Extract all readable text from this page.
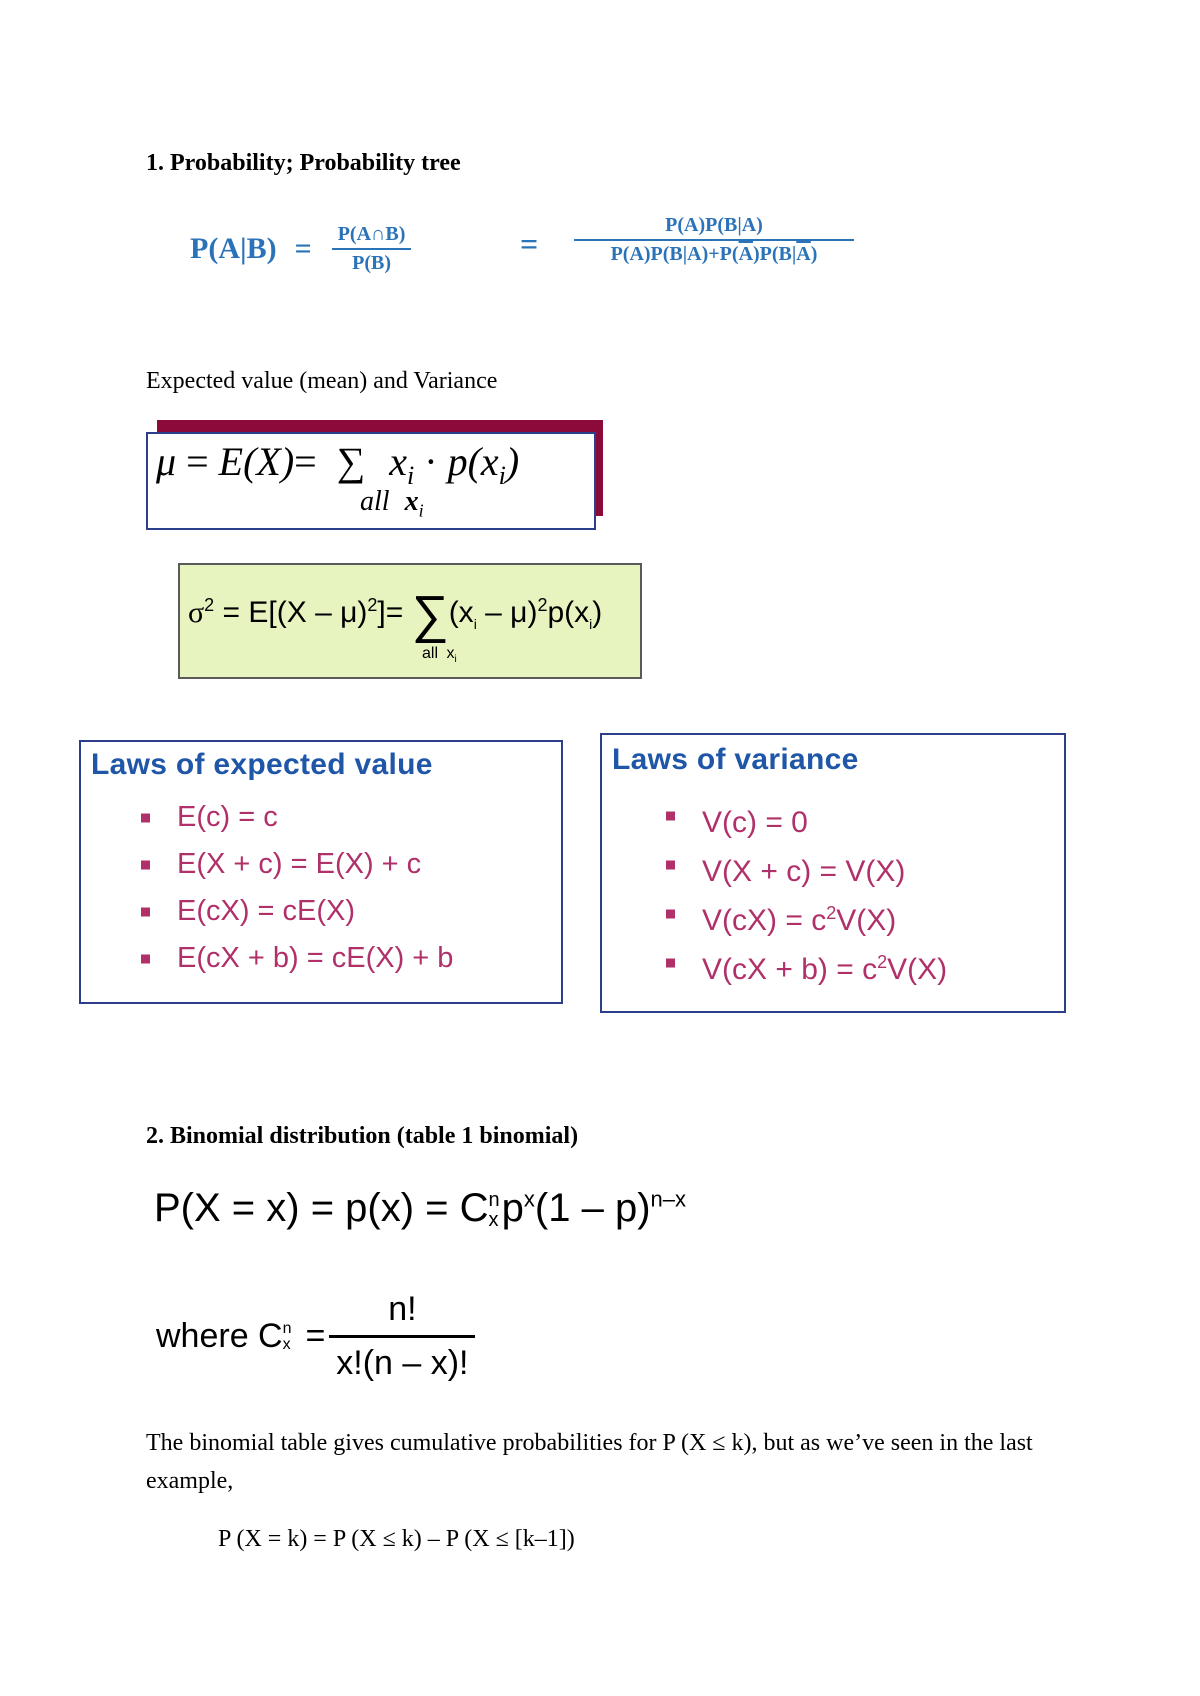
1. Probability; Probability tree
$P(A|B) = \frac{P(A\cap B)}{P(B)}$	=	$\frac{P(A)P(B|A)}{P(A)P(B|A)+P(\overline{A})P(B|\overline{A})}$
Expected value (mean) and Variance
μ = E(X)= ∑ $x_i \cdot p(x_i)$
all $x_i$
$\sigma^2 = E[(X - \mu)^2]= \sum(x_i - \mu)^2p(x_i)$
all $x_i$
Laws of expected value
E(c) = c
E(X + c) = E(X) + c
E(cX) = cE(X)
E(cX + b) = cE(X) + b
Laws of variance
V(c) = 0
V(X + c) = V(X)
$V(cX) = c^2V(X)$
$V(cX + b) = c^2V(X)$
2. Binomial distribution (table 1 binomial)
P(X = x) = p(x) = C n
x $p^x(1 - p)^{n-x}$
where C n
$x = \frac{n!}{x!(n - x)!}$
The binomial table gives cumulative probabilities for P (X ≤ k), but as we’ve seen in the last example,
P (X = k) = P (X ≤ k) – P (X ≤ [k–1])
